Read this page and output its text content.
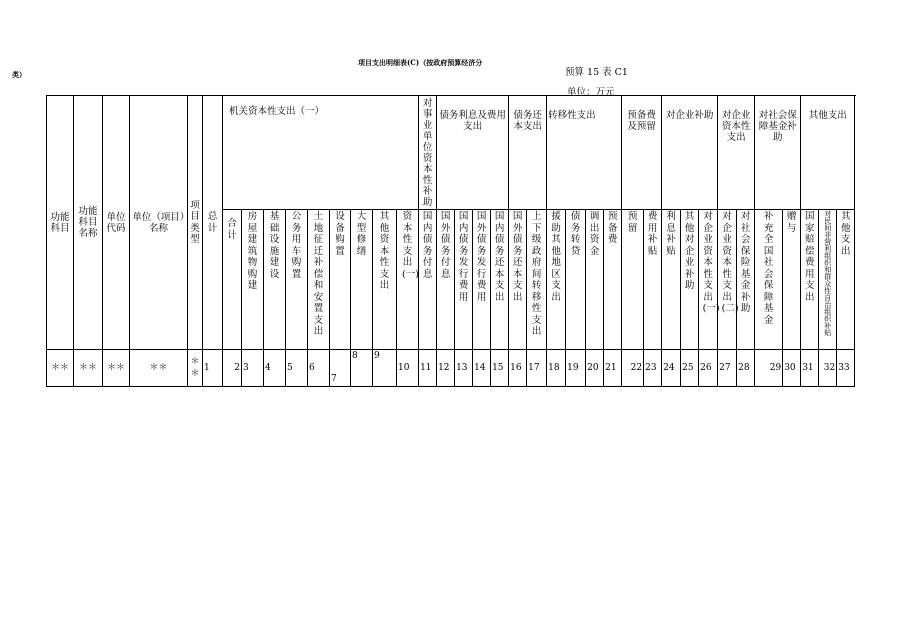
项目支出明细表(C)（按政府预算经济分
类）	预算 15 表 C1
单位：万元
功能科目	功能科目名称	单位代码	单位（项目）名称	项目类型	总计	机关资本性支出（一）									对事业单位资本性补助	债务利息及费用支出				债务还本支出		转移性支出				预备费及预留		对企业补助			对企业资本性支出		对社会保障基金补助		其他支出		
						合计	房屋建筑物购建	基础设施建设	公务用车购置	土地征迁补偿和安置支出	设备购置	大型修缮	其他资本性支出	资本性支出(一)	国内债务付息	国外债务付息	国内债务发行费用	国外债务发行费用	国内债务还本支出	国外债务还本支出	上下级政府间转移性支出	援助其他地区支出	债务转贷	调出资金	预备费	预留	费用补贴	利息补贴	其他对企业补助	对企业资本性支出(一)	对企业资本性支出(二)	对社会保险基金补助	补充全国社会保障基金	赠与	国家赔偿费用支出	对民间非营利组织和群众性自治组织补贴	其他支出
＊＊	＊＊	＊＊	＊＊	＊＊	1	2	3	4	5	6	7	8	9	10	11	12	13	14	15	16	17	18	19	20	21	22	23	24	25	26	27	28	29	30	31	32	33
